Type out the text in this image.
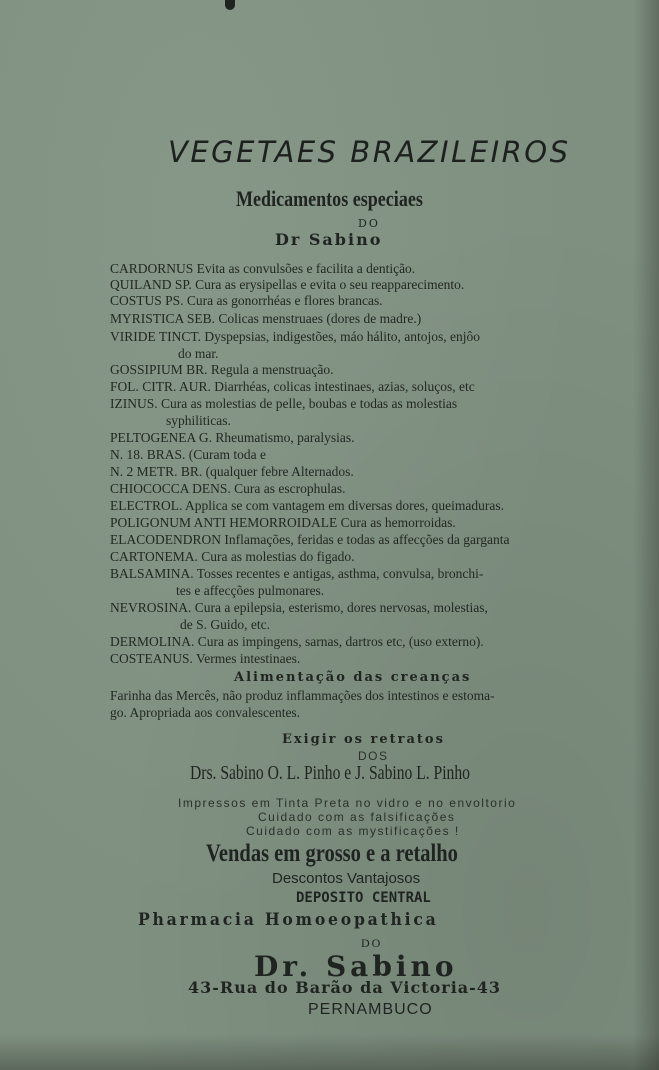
VEGETAES BRAZILEIROS
Medicamentos especiaes
DO
Dr Sabino
CARDORNUS Evita as convulsões e facilita a dentição.
QUILAND SP. Cura as erysipellas e evita o seu reapparecimento.
COSTUS PS. Cura as gonorrhéas e flores brancas.
MYRISTICA SEB. Colicas menstruaes (dores de madre.)
VIRIDE TINCT. Dyspepsias, indigestões, máo hálito, antojos, enjôo
do mar.
GOSSIPIUM BR. Regula a menstruação.
FOL. CITR. AUR. Diarrhéas, colicas intestinaes, azias, soluços, etc
IZINUS. Cura as molestias de pelle, boubas e todas as molestias
syphiliticas.
PELTOGENEA G. Rheumatismo, paralysias.
N. 18. BRAS. (Curam toda e
N. 2 METR. BR. (qualquer febre Alternados.
CHIOCOCCA DENS. Cura as escrophulas.
ELECTROL. Applica se com vantagem em diversas dores, queimaduras.
POLIGONUM ANTI HEMORROIDALE Cura as hemorroidas.
ELACODENDRON Inflamações, feridas e todas as affecções da garganta
CARTONEMA. Cura as molestias do figado.
BALSAMINA. Tosses recentes e antigas, asthma, convulsa, bronchi-
tes e affecções pulmonares.
NEVROSINA. Cura a epilepsia, esterismo, dores nervosas, molestias,
de S. Guido, etc.
DERMOLINA. Cura as impingens, sarnas, dartros etc, (uso externo).
COSTEANUS. Vermes intestinaes.
Alimentação das creanças
Farinha das Mercês, não produz inflammações dos intestinos e estoma-
go. Apropriada aos convalescentes.
Exigir os retratos
DOS
Drs. Sabino O. L. Pinho e J. Sabino L. Pinho
Impressos em Tinta Preta no vidro e no envoltorio
Cuidado com as falsificações
Cuidado com as mystificações !
Vendas em grosso e a retalho
Descontos Vantajosos
DEPOSITO CENTRAL
Pharmacia Homoeopathica
DO
Dr. Sabino
43-Rua do Barão da Victoria-43
PERNAMBUCO
